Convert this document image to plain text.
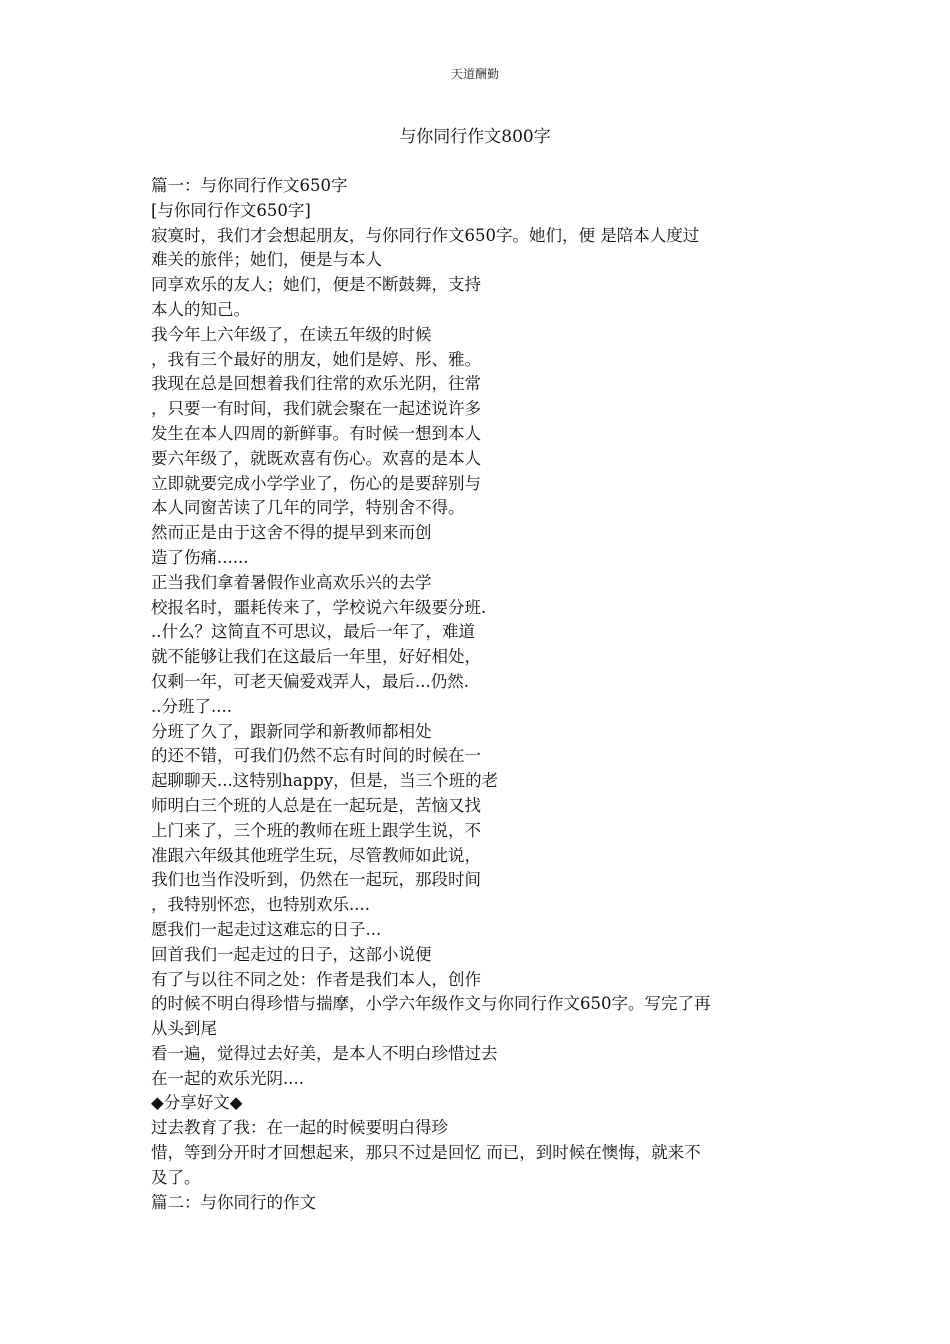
天道酬勤
与你同行作文800字
篇一：与你同行作文650字
[与你同行作文650字]
寂寞时，我们才会想起朋友，与你同行作文650字。她们，便 是陪本人度过
难关的旅伴；她们，便是与本人
同享欢乐的友人；她们，便是不断鼓舞，支持
本人的知己。
我今年上六年级了，在读五年级的时候
，我有三个最好的朋友，她们是婷、彤、雅。
我现在总是回想着我们往常的欢乐光阴，往常
，只要一有时间，我们就会聚在一起述说许多
发生在本人四周的新鲜事。有时候一想到本人
要六年级了，就既欢喜有伤心。欢喜的是本人
立即就要完成小学学业了，伤心的是要辞别与
本人同窗苦读了几年的同学，特别舍不得。
然而正是由于这舍不得的提早到来而创
造了伤痛......
正当我们拿着暑假作业高欢乐兴的去学
校报名时，噩耗传来了，学校说六年级要分班.
..什么？这简直不可思议，最后一年了，难道
就不能够让我们在这最后一年里，好好相处，
仅剩一年，可老天偏爱戏弄人，最后...仍然.
..分班了....
分班了久了，跟新同学和新教师都相处
的还不错，可我们仍然不忘有时间的时候在一
起聊聊天...这特别happy，但是，当三个班的老
师明白三个班的人总是在一起玩是，苦恼又找
上门来了，三个班的教师在班上跟学生说，不
准跟六年级其他班学生玩，尽管教师如此说，
我们也当作没听到，仍然在一起玩，那段时间
，我特别怀恋，也特别欢乐....
愿我们一起走过这难忘的日子...
回首我们一起走过的日子，这部小说便
有了与以往不同之处：作者是我们本人，创作
的时候不明白得珍惜与揣摩，小学六年级作文与你同行作文650字。写完了再
从头到尾
看一遍，觉得过去好美，是本人不明白珍惜过去
在一起的欢乐光阴....
◆分享好文◆
过去教育了我：在一起的时候要明白得珍
惜，等到分开时才回想起来，那只不过是回忆 而已，到时候在懊悔，就来不
及了。
篇二：与你同行的作文
